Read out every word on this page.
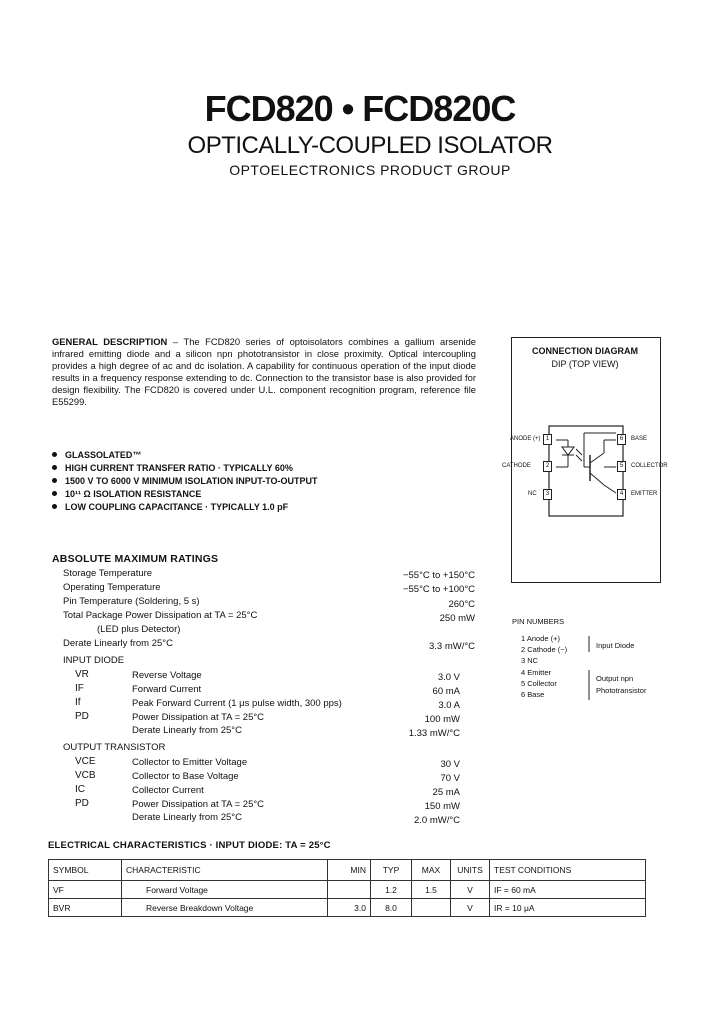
FCD820 • FCD820C
OPTICALLY-COUPLED ISOLATOR
OPTOELECTRONICS PRODUCT GROUP
GENERAL DESCRIPTION – The FCD820 series of optoisolators combines a gallium arsenide infrared emitting diode and a silicon npn phototransistor in close proximity. Optical intercoupling provides a high degree of ac and dc isolation. A capability for continuous operation of the input diode results in a frequency response extending to dc. Connection to the transistor base is also provided for design flexibility. The FCD820 is covered under U.L. component recognition program, reference file E55299.
GLASSOLATED™
HIGH CURRENT TRANSFER RATIO · TYPICALLY 60%
1500 V TO 6000 V MINIMUM ISOLATION INPUT-TO-OUTPUT
10¹¹ Ω ISOLATION RESISTANCE
LOW COUPLING CAPACITANCE · TYPICALLY 1.0 pF
ABSOLUTE MAXIMUM RATINGS
Storage Temperature	−55°C to +150°C
Operating Temperature	−55°C to +100°C
Pin Temperature (Soldering, 5 s)	260°C
Total Package Power Dissipation at TA = 25°C	250 mW
(LED plus Detector)
Derate Linearly from 25°C	3.3 mW/°C
INPUT DIODE
VR	Reverse Voltage	3.0 V
IF	Forward Current	60 mA
If	Peak Forward Current (1 μs pulse width, 300 pps)	3.0 A
PD	Power Dissipation at TA = 25°C	100 mW
Derate Linearly from 25°C	1.33 mW/°C
OUTPUT TRANSISTOR
VCE	Collector to Emitter Voltage	30 V
VCB	Collector to Base Voltage	70 V
IC	Collector Current	25 mA
PD	Power Dissipation at TA = 25°C	150 mW
Derate Linearly from 25°C	2.0 mW/°C
CONNECTION DIAGRAM
DIP (TOP VIEW)
ANODE (+) 1
CATHODE	2
NC	3
6	BASE
5	COLLECTOR
4	EMITTER
PIN NUMBERS
1 Anode (+)
2 Cathode (−)
3 NC
4 Emitter
5 Collector
6 Base
Input Diode
Output npn
Phototransistor
ELECTRICAL CHARACTERISTICS · INPUT DIODE: TA = 25°C
SYMBOL	CHARACTERISTIC	MIN	TYP	MAX	UNITS	TEST CONDITIONS
VF	Forward Voltage		1.2	1.5	V	IF = 60 mA
BVR	Reverse Breakdown Voltage	3.0	8.0		V	IR = 10 μA
